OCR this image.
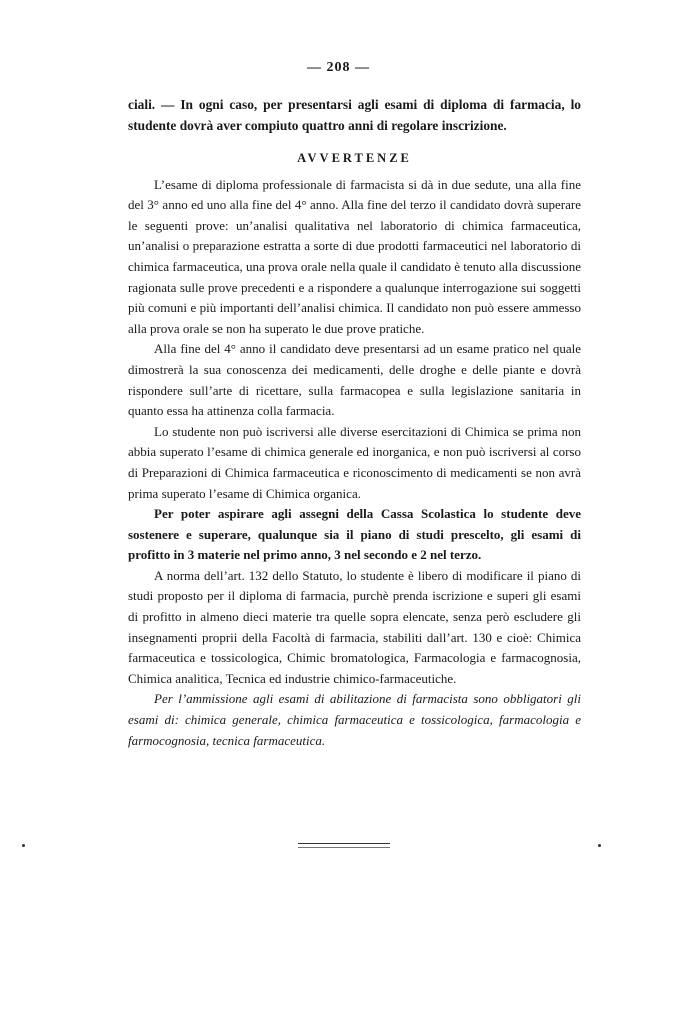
— 208 —

ciali. — In ogni caso, per presentarsi agli esami di diploma di farmacia, lo studente dovrà aver compiuto quattro anni di regolare inscrizione.

AVVERTENZE

L’esame di diploma professionale di farmacista si dà in due sedute, una alla fine del 3° anno ed uno alla fine del 4° anno. Alla fine del terzo il candidato dovrà superare le seguenti prove: un’analisi qualitativa nel laboratorio di chimica farmaceutica, un’analisi o preparazione estratta a sorte di due prodotti farmaceutici nel laboratorio di chimica farmaceutica, una prova orale nella quale il candidato è tenuto alla discussione ragionata sulle prove precedenti e a rispondere a qualunque interrogazione sui soggetti più comuni e più importanti dell’analisi chimica. Il candidato non può essere ammesso alla prova orale se non ha superato le due prove pratiche.

Alla fine del 4° anno il candidato deve presentarsi ad un esame pratico nel quale dimostrerà la sua conoscenza dei medicamenti, delle droghe e delle piante e dovrà rispondere sull’arte di ricettare, sulla farmacopea e sulla legislazione sanitaria in quanto essa ha attinenza colla farmacia.

Lo studente non può iscriversi alle diverse esercitazioni di Chimica se prima non abbia superato l’esame di chimica generale ed inorganica, e non può iscriversi al corso di Preparazioni di Chimica farmaceutica e riconoscimento di medicamenti se non avrà prima superato l’esame di Chimica organica.

Per poter aspirare agli assegni della Cassa Scolastica lo studente deve sostenere e superare, qualunque sia il piano di studi prescelto, gli esami di profitto in 3 materie nel primo anno, 3 nel secondo e 2 nel terzo.

A norma dell’art. 132 dello Statuto, lo studente è libero di modificare il piano di studi proposto per il diploma di farmacia, purchè prenda iscrizione e superi gli esami di profitto in almeno dieci materie tra quelle sopra elencate, senza però escludere gli insegnamenti proprii della Facoltà di farmacia, stabiliti dall’art. 130 e cioè: Chimica farmaceutica e tossicologica, Chimic bromatologica, Farmacologia e farmacognosia, Chimica analitica, Tecnica ed industrie chimico-farmaceutiche.

Per l’ammissione agli esami di abilitazione di farmacista sono obbligatori gli esami di: chimica generale, chimica farmaceutica e tossicologica, farmacologia e farmocognosia, tecnica farmaceutica.
